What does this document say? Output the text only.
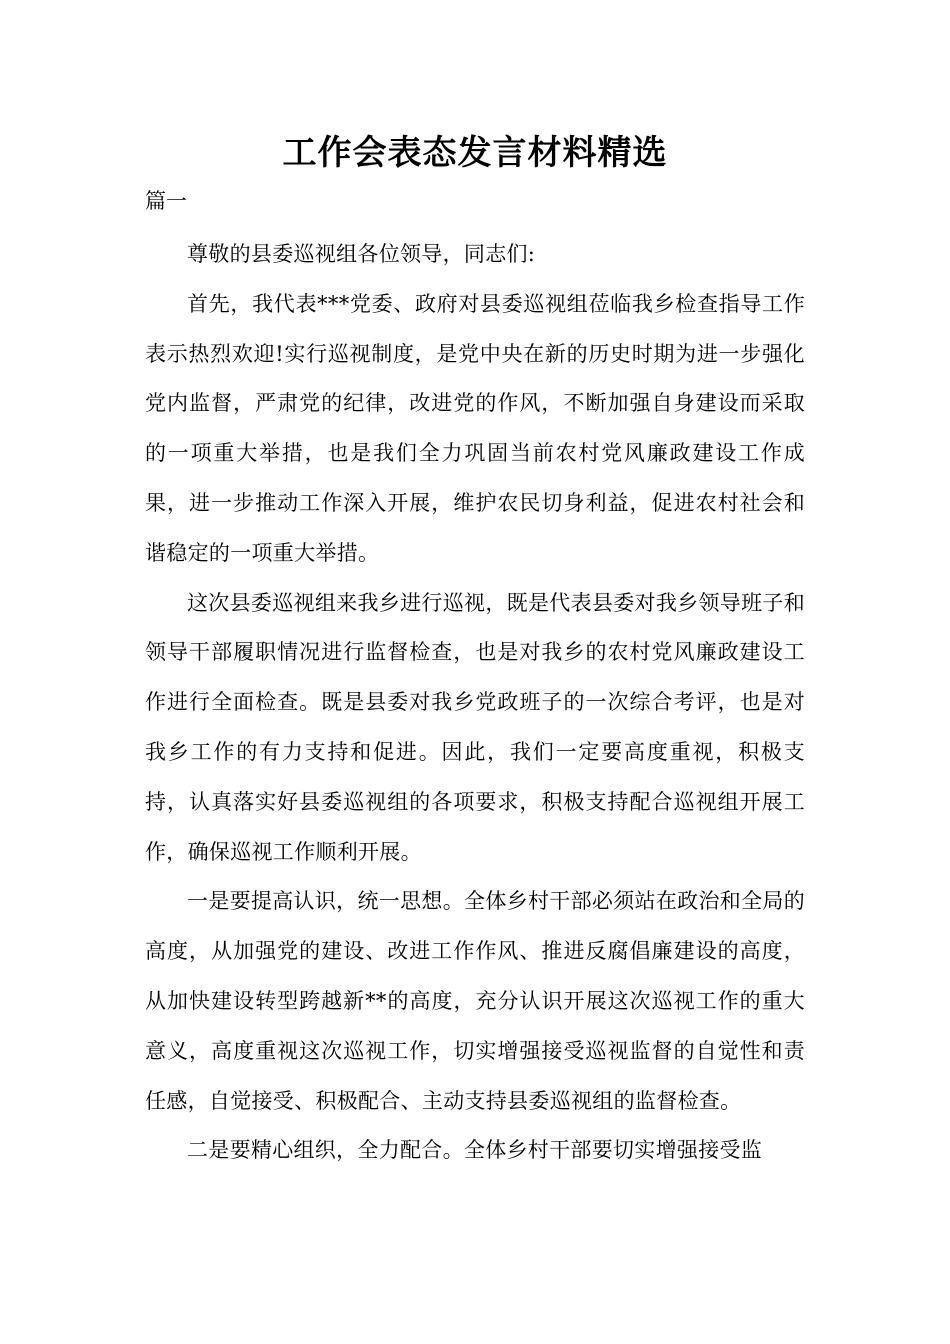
工作会表态发言材料精选

篇一

尊敬的县委巡视组各位领导，同志们:

首先，我代表***党委、政府对县委巡视组莅临我乡检查指导工作表示热烈欢迎!实行巡视制度，是党中央在新的历史时期为进一步强化党内监督，严肃党的纪律，改进党的作风，不断加强自身建设而采取的一项重大举措，也是我们全力巩固当前农村党风廉政建设工作成果，进一步推动工作深入开展，维护农民切身利益，促进农村社会和谐稳定的一项重大举措。

这次县委巡视组来我乡进行巡视，既是代表县委对我乡领导班子和领导干部履职情况进行监督检查，也是对我乡的农村党风廉政建设工作进行全面检查。既是县委对我乡党政班子的一次综合考评，也是对我乡工作的有力支持和促进。因此，我们一定要高度重视，积极支持，认真落实好县委巡视组的各项要求，积极支持配合巡视组开展工作，确保巡视工作顺利开展。

一是要提高认识，统一思想。全体乡村干部必须站在政治和全局的高度，从加强党的建设、改进工作作风、推进反腐倡廉建设的高度，从加快建设转型跨越新**的高度，充分认识开展这次巡视工作的重大意义，高度重视这次巡视工作，切实增强接受巡视监督的自觉性和责任感，自觉接受、积极配合、主动支持县委巡视组的监督检查。

二是要精心组织，全力配合。全体乡村干部要切实增强接受监
